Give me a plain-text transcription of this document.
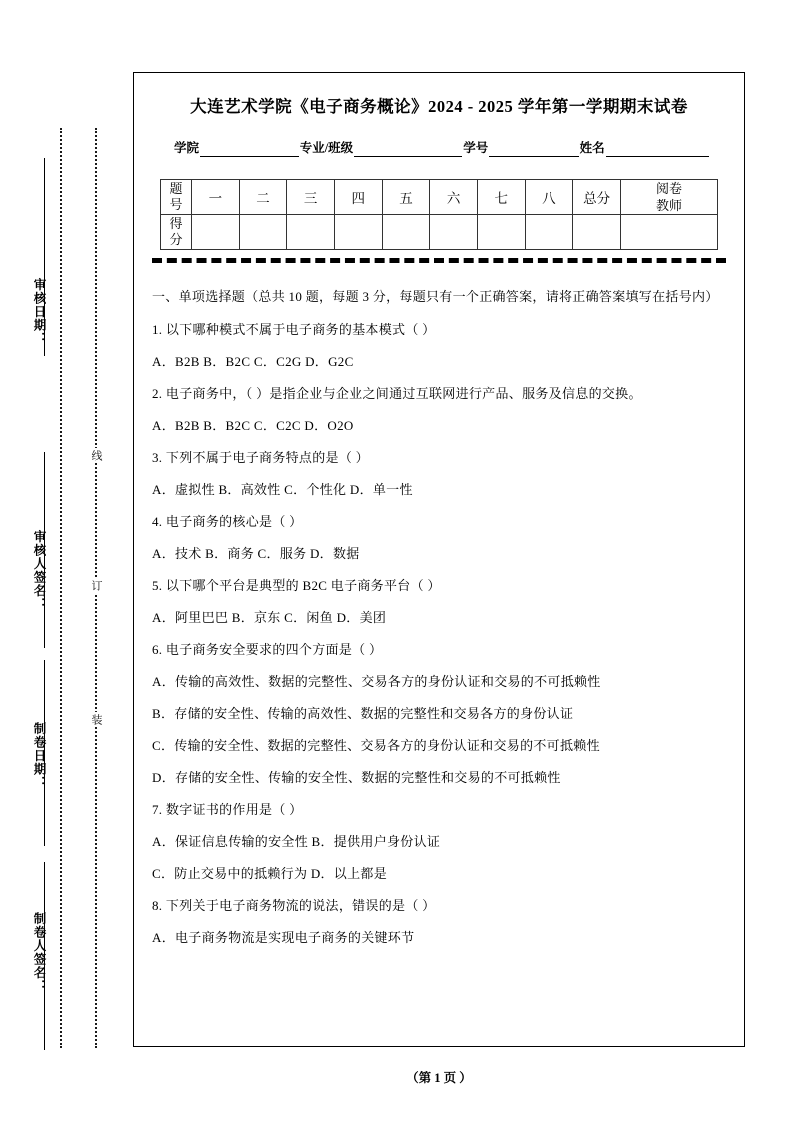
审核日期：
审核人签名：
制卷日期：
制卷人签名：
线
订
装
大连艺术学院《电子商务概论》2024 - 2025 学年第一学期期末试卷
学院	专业/班级	学号	姓名
题
号	一	二	三	四	五	六	七	八	总分	阅卷
教师

得
分										

一、单项选择题（总共 10 题，每题 3 分，每题只有一个正确答案，请将正确答案填写在括号内）
1. 以下哪种模式不属于电子商务的基本模式（ ）
A．B2B B．B2C C．C2G D．G2C
2. 电子商务中，（ ）是指企业与企业之间通过互联网进行产品、服务及信息的交换。
A．B2B B．B2C C．C2C D．O2O
3. 下列不属于电子商务特点的是（ ）
A．虚拟性 B．高效性 C．个性化 D．单一性
4. 电子商务的核心是（ ）
A．技术 B．商务 C．服务 D．数据
5. 以下哪个平台是典型的 B2C 电子商务平台（ ）
A．阿里巴巴 B．京东 C．闲鱼 D．美团
6. 电子商务安全要求的四个方面是（ ）
A．传输的高效性、数据的完整性、交易各方的身份认证和交易的不可抵赖性
B．存储的安全性、传输的高效性、数据的完整性和交易各方的身份认证
C．传输的安全性、数据的完整性、交易各方的身份认证和交易的不可抵赖性
D．存储的安全性、传输的安全性、数据的完整性和交易的不可抵赖性
7. 数字证书的作用是（ ）
A．保证信息传输的安全性 B．提供用户身份认证
C．防止交易中的抵赖行为 D．以上都是
8. 下列关于电子商务物流的说法，错误的是（ ）
A．电子商务物流是实现电子商务的关键环节
（第 1 页 ）
